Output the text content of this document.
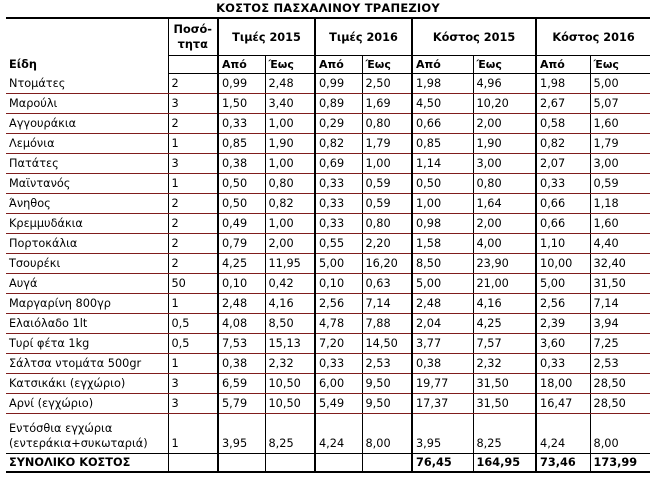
ΚΟΣΤΟΣ ΠΑΣΧΑΛΙΝΟΥ ΤΡΑΠΕΖΙΟΥ
Είδη	Ποσό-τητα	Τιμές 2015		Τιμές 2016		Κόστος 2015		Κόστος 2016	
		Από	Έως	Από	Έως	Από	Έως	Από	Έως
Ντομάτες	2	0,99	2,48	0,99	2,50	1,98	4,96	1,98	5,00
Μαρούλι	3	1,50	3,40	0,89	1,69	4,50	10,20	2,67	5,07
Αγγουράκια	2	0,33	1,00	0,29	0,80	0,66	2,00	0,58	1,60
Λεμόνια	1	0,85	1,90	0,82	1,79	0,85	1,90	0,82	1,79
Πατάτες	3	0,38	1,00	0,69	1,00	1,14	3,00	2,07	3,00
Μαϊντανός	1	0,50	0,80	0,33	0,59	0,50	0,80	0,33	0,59
Άνηθος	2	0,50	0,82	0,33	0,59	1,00	1,64	0,66	1,18
Κρεμμυδάκια	2	0,49	1,00	0,33	0,80	0,98	2,00	0,66	1,60
Πορτοκάλια	2	0,79	2,00	0,55	2,20	1,58	4,00	1,10	4,40
Τσουρέκι	2	4,25	11,95	5,00	16,20	8,50	23,90	10,00	32,40
Αυγά	50	0,10	0,42	0,10	0,63	5,00	21,00	5,00	31,50
Μαργαρίνη 800γρ	1	2,48	4,16	2,56	7,14	2,48	4,16	2,56	7,14
Ελαιόλαδο 1lt	0,5	4,08	8,50	4,78	7,88	2,04	4,25	2,39	3,94
Τυρί φέτα 1kg	0,5	7,53	15,13	7,20	14,50	3,77	7,57	3,60	7,25
Σάλτσα ντομάτα 500gr	1	0,38	2,32	0,33	2,53	0,38	2,32	0,33	2,53
Κατσικάκι (εγχώριο)	3	6,59	10,50	6,00	9,50	19,77	31,50	18,00	28,50
Αρνί (εγχώριο)	3	5,79	10,50	5,49	9,50	17,37	31,50	16,47	28,50
Εντόσθια εγχώρια (εντεράκια+συκωταριά)	1	3,95	8,25	4,24	8,00	3,95	8,25	4,24	8,00
ΣΥΝΟΛΙΚΟ ΚΟΣΤΟΣ						76,45	164,95	73,46	173,99
